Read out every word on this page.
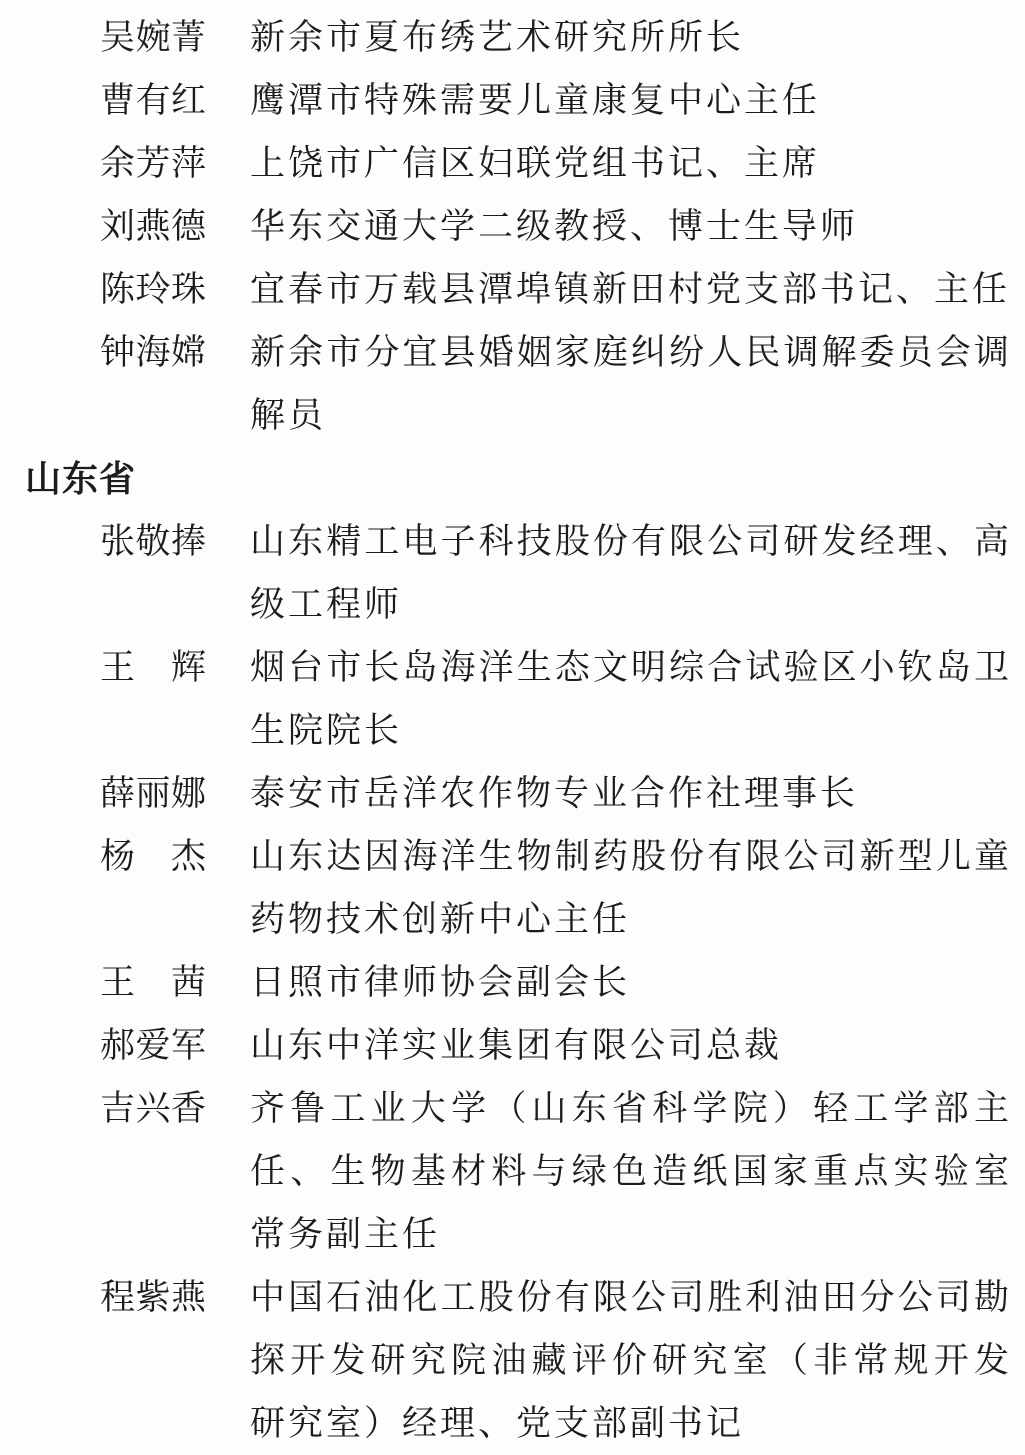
吴婉菁 新余市夏布绣艺术研究所所长
曹有红 鹰潭市特殊需要儿童康复中心主任
余芳萍 上饶市广信区妇联党组书记、主席
刘燕德 华东交通大学二级教授、博士生导师
陈玲珠 宜春市万载县潭埠镇新田村党支部书记、主任
钟海嫦 新余市分宜县婚姻家庭纠纷人民调解委员会调
解员
山东省
张敬捧 山东精工电子科技股份有限公司研发经理、高
级工程师
王　辉 烟台市长岛海洋生态文明综合试验区小钦岛卫
生院院长
薛丽娜 泰安市岳洋农作物专业合作社理事长
杨　杰 山东达因海洋生物制药股份有限公司新型儿童
药物技术创新中心主任
王　茜 日照市律师协会副会长
郝爱军 山东中洋实业集团有限公司总裁
吉兴香 齐鲁工业大学（山东省科学院）轻工学部主
任、生物基材料与绿色造纸国家重点实验室
常务副主任
程紫燕 中国石油化工股份有限公司胜利油田分公司勘
探开发研究院油藏评价研究室（非常规开发
研究室）经理、党支部副书记
